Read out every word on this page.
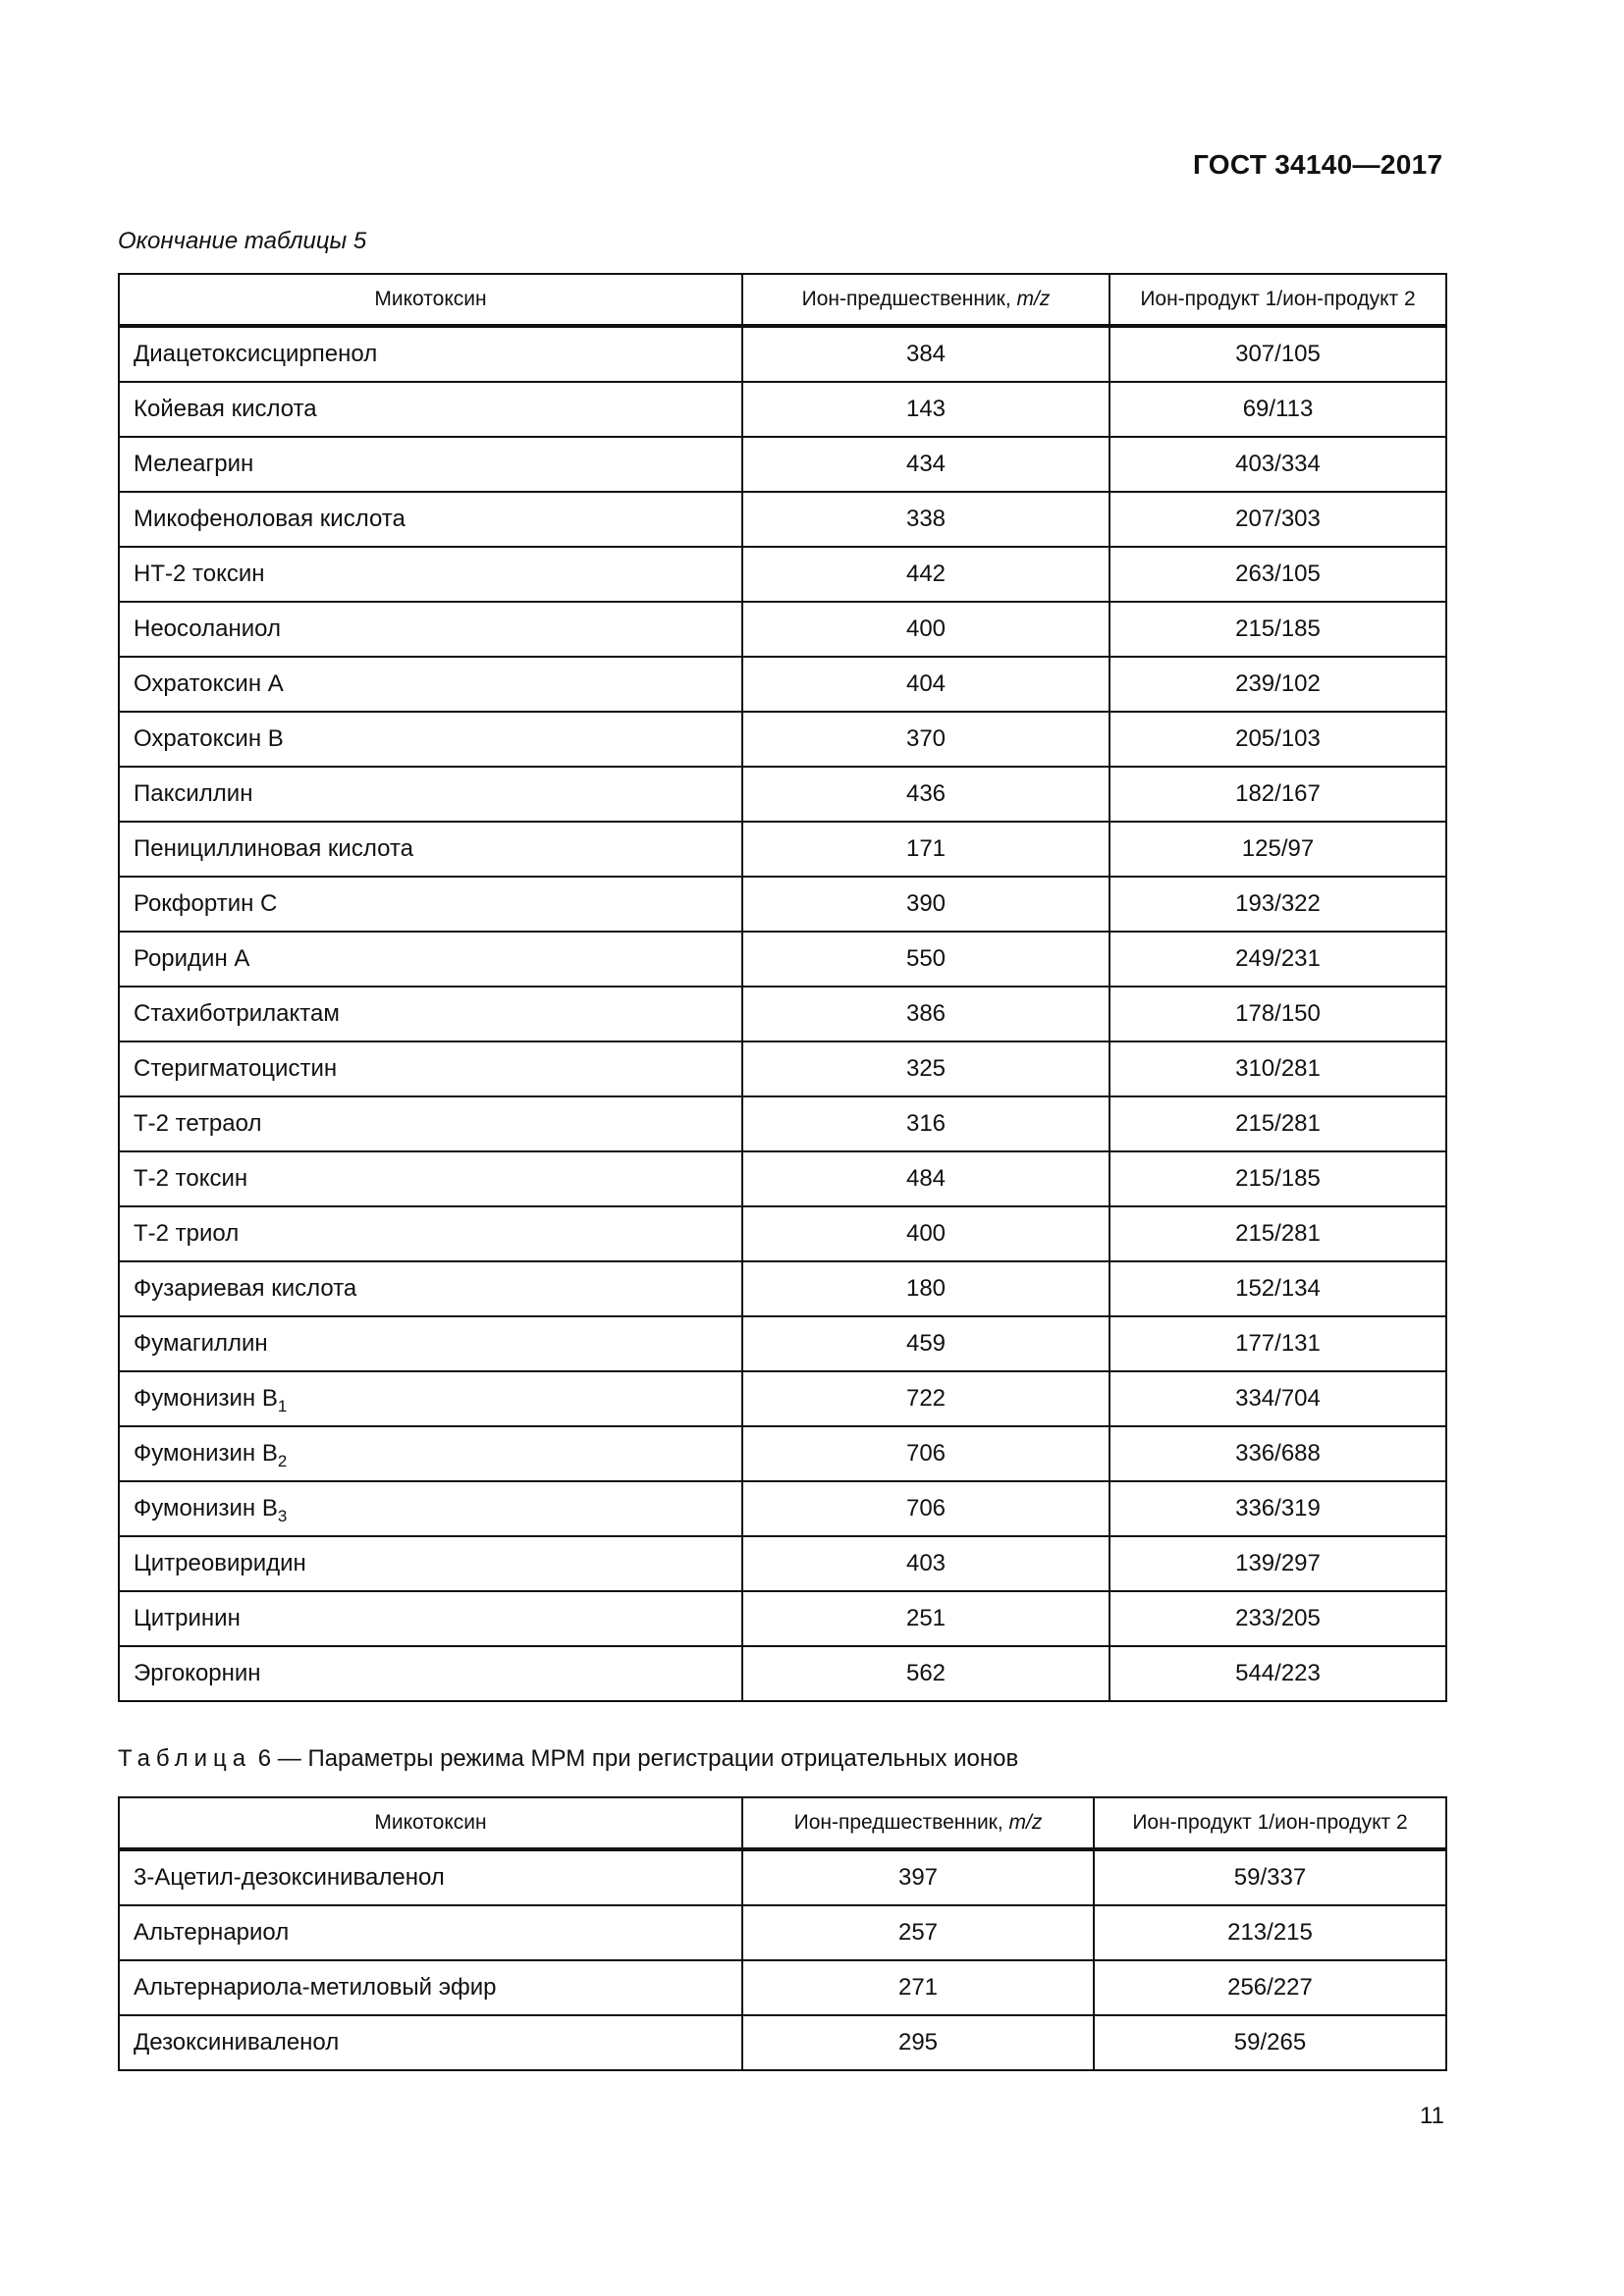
ГОСТ 34140—2017
Окончание таблицы 5
Микотоксин	Ион-предшественник, m/z	Ион-продукт 1/ион-продукт 2
Диацетоксисцирпенол	384	307/105
Койевая кислота	143	69/113
Мелеагрин	434	403/334
Микофеноловая кислота	338	207/303
НТ-2 токсин	442	263/105
Неосоланиол	400	215/185
Охратоксин А	404	239/102
Охратоксин В	370	205/103
Паксиллин	436	182/167
Пенициллиновая кислота	171	125/97
Рокфортин С	390	193/322
Роридин А	550	249/231
Стахиботрилактам	386	178/150
Стеригматоцистин	325	310/281
Т-2 тетраол	316	215/281
Т-2 токсин	484	215/185
Т-2 триол	400	215/281
Фузариевая кислота	180	152/134
Фумагиллин	459	177/131
Фумонизин $В_1$	722	334/704
Фумонизин $В_2$	706	336/688
Фумонизин $В_3$	706	336/319
Цитреовиридин	403	139/297
Цитринин	251	233/205
Эргокорнин	562	544/223
Таблица 6 — Параметры режима МРМ при регистрации отрицательных ионов
Микотоксин	Ион-предшественник, m/z	Ион-продукт 1/ион-продукт 2
3-Ацетил-дезоксиниваленол	397	59/337
Альтернариол	257	213/215
Альтернариола-метиловый эфир	271	256/227
Дезоксиниваленол	295	59/265
11
